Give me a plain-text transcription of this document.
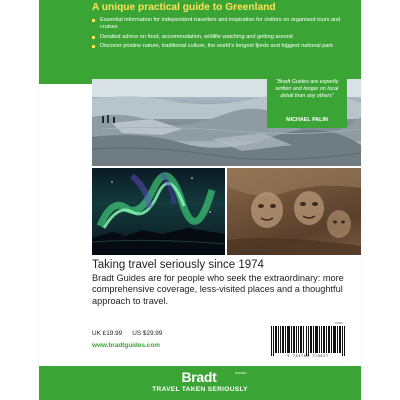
A unique practical guide to Greenland
Essential information for independent travellers and inspiration for visitors on organised tours and cruises
Detailed advice on food, accommodation, wildlife watching and getting around
Discover pristine nature, traditional culture, the world’s longest fjords and biggest national park
“Bradt Guides are expertly written and longer on local detail than any others”
MICHAEL PALIN
Taking travel seriously since 1974
Bradt Guides are for people who seek the extraordinary: more comprehensive coverage, less-visited places and a thoughtful approach to travel.
UK £19.99 US $29.99
www.bradtguides.com
52999
9 781784 779627
Bradt	GUIDES
TRAVEL TAKEN SERIOUSLY
